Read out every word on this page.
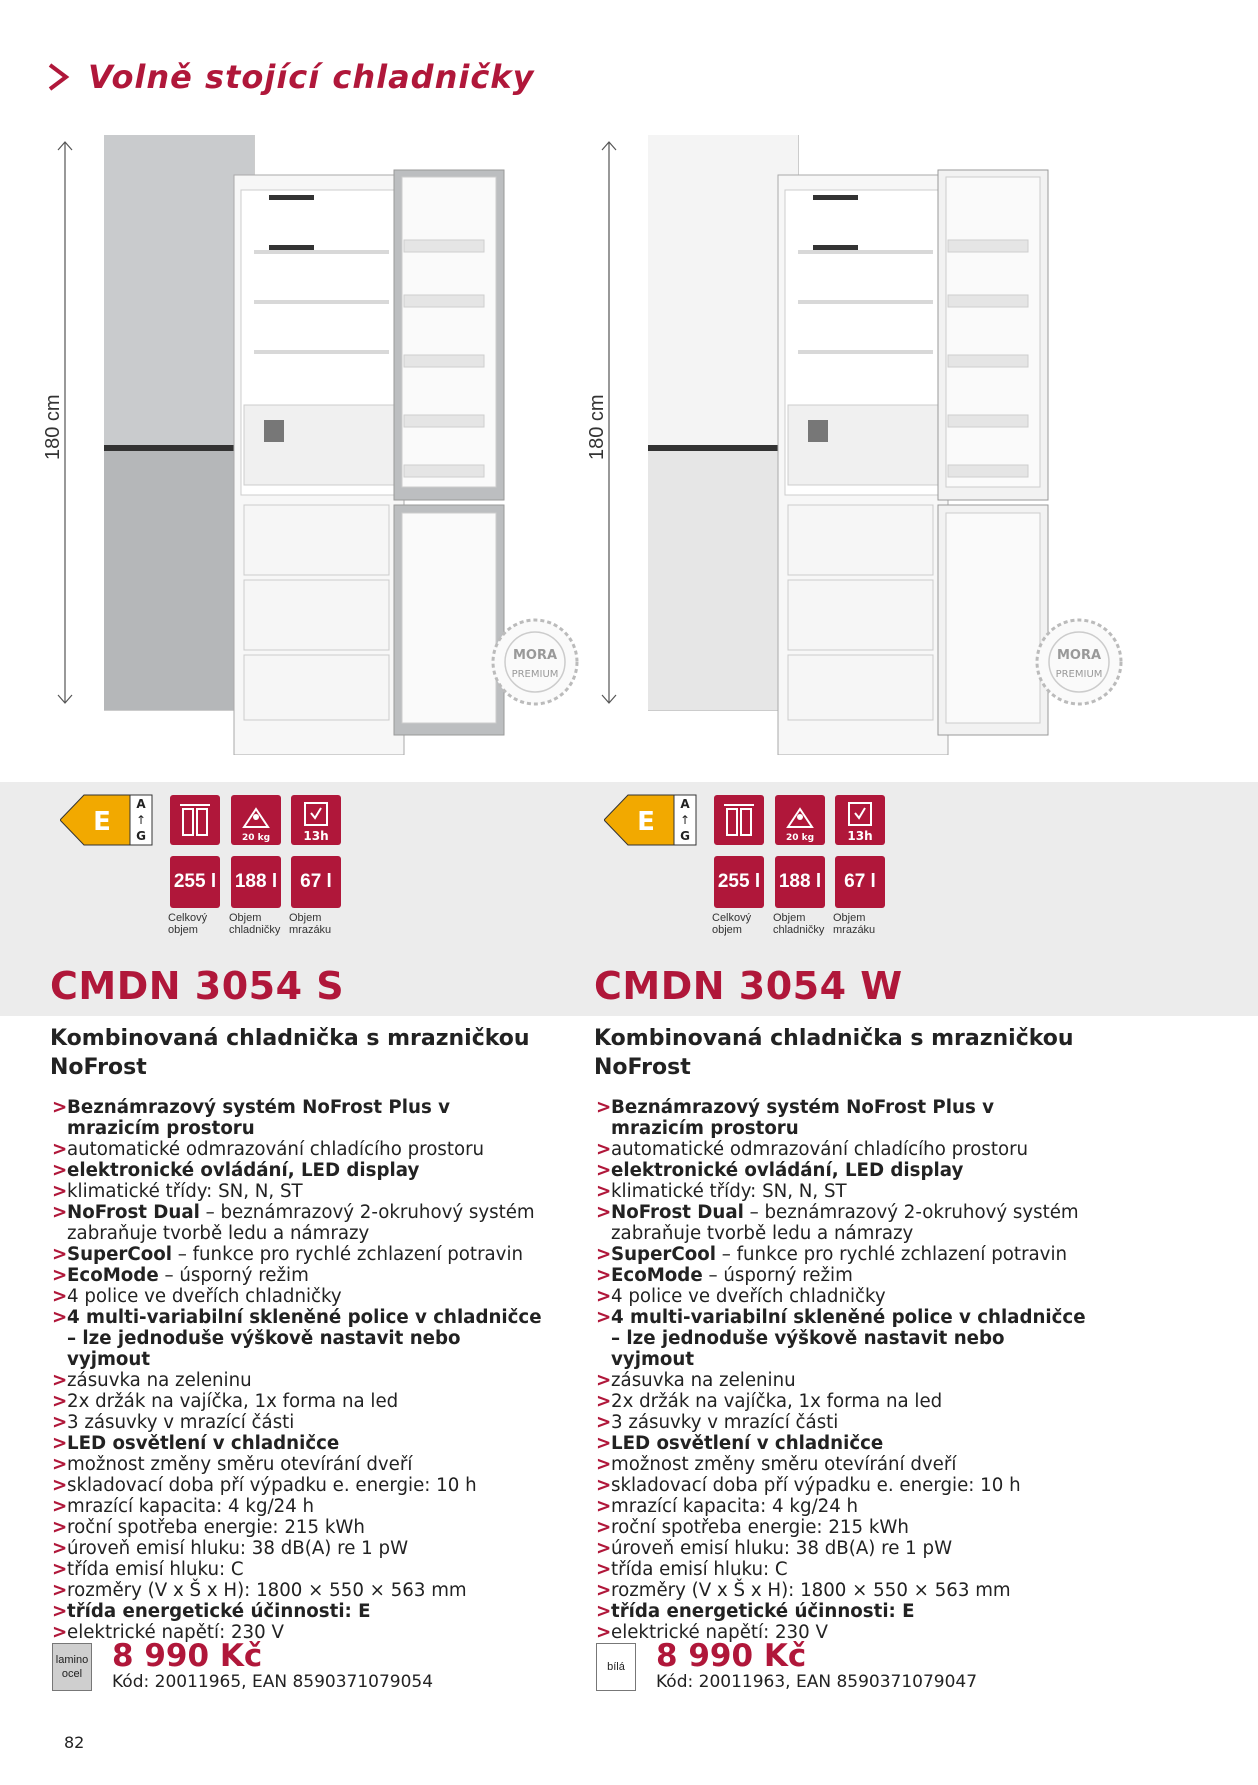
Volně stojící chladničky
180 cm
MORA
PREMIUM
E
A
↑
G	20 kg	13h
255 l
Celkový objem
188 l
Objem chladničky
67 l
Objem mrazáku
CMDN 3054 S
Kombinovaná chladnička s mrazničkou NoFrost
> Beznámrazový systém NoFrost Plus v mrazicím prostoru
> automatické odmrazování chladícího prostoru
> elektronické ovládání, LED display
> klimatické třídy: SN, N, ST
> NoFrost Dual – beznámrazový 2-okruhový systém zabraňuje tvorbě ledu a námrazy
> SuperCool – funkce pro rychlé zchlazení potravin
> EcoMode – úsporný režim
> 4 police ve dveřích chladničky
> 4 multi-variabilní skleněné police v chladničce – lze jednoduše výškově nastavit nebo vyjmout
> zásuvka na zeleninu
> 2x držák na vajíčka, 1x forma na led
> 3 zásuvky v mrazící části
> LED osvětlení v chladničce
> možnost změny směru otevírání dveří
> skladovací doba pří výpadku e. energie: 10 h
> mrazící kapacita: 4 kg/24 h
> roční spotřeba energie: 215 kWh
> úroveň emisí hluku: 38 dB(A) re 1 pW
> třída emisí hluku: C
> rozměry (V x Š x H): 1800 × 550 × 563 mm
> třída energetické účinnosti: E
> elektrické napětí: 230 V
lamino ocel 8 990 Kč
Kód: 20011965, EAN 8590371079054
180 cm
MORA
PREMIUM
E
A
↑
G	20 kg	13h
255 l
Celkový objem
188 l
Objem chladničky
67 l
Objem mrazáku
CMDN 3054 W
Kombinovaná chladnička s mrazničkou NoFrost
> Beznámrazový systém NoFrost Plus v mrazicím prostoru
> automatické odmrazování chladícího prostoru
> elektronické ovládání, LED display
> klimatické třídy: SN, N, ST
> NoFrost Dual – beznámrazový 2-okruhový systém zabraňuje tvorbě ledu a námrazy
> SuperCool – funkce pro rychlé zchlazení potravin
> EcoMode – úsporný režim
> 4 police ve dveřích chladničky
> 4 multi-variabilní skleněné police v chladničce – lze jednoduše výškově nastavit nebo vyjmout
> zásuvka na zeleninu
> 2x držák na vajíčka, 1x forma na led
> 3 zásuvky v mrazící části
> LED osvětlení v chladničce
> možnost změny směru otevírání dveří
> skladovací doba pří výpadku e. energie: 10 h
> mrazící kapacita: 4 kg/24 h
> roční spotřeba energie: 215 kWh
> úroveň emisí hluku: 38 dB(A) re 1 pW
> třída emisí hluku: C
> rozměry (V x Š x H): 1800 × 550 × 563 mm
> třída energetické účinnosti: E
> elektrické napětí: 230 V
bílá	8 990 Kč
Kód: 20011963, EAN 8590371079047
82
